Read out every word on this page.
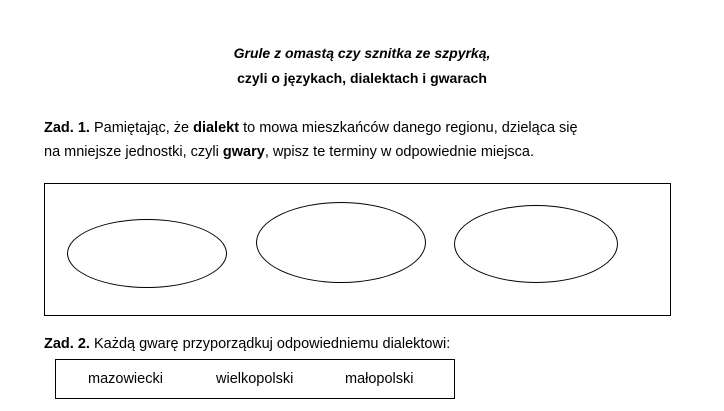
Grule z omastą czy sznitka ze szpyrką,
czyli o językach, dialektach i gwarach
Zad. 1. Pamiętając, że dialekt to mowa mieszkańców danego regionu, dzieląca się
na mniejsze jednostki, czyli gwary, wpisz te terminy w odpowiednie miejsca.
Zad. 2. Każdą gwarę przyporządkuj odpowiedniemu dialektowi:
mazowiecki	wielkopolski	małopolski
